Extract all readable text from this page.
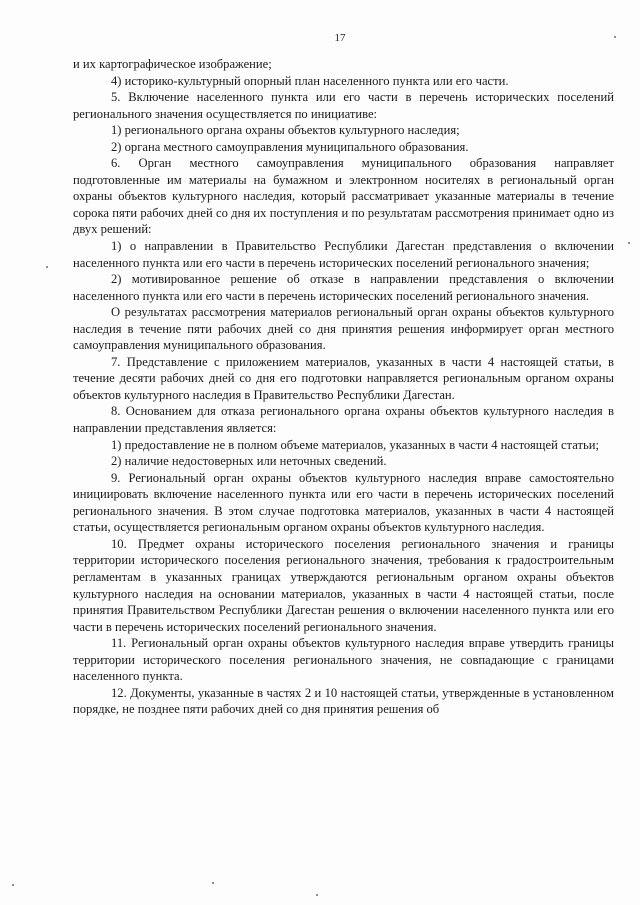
17

и их картографическое изображение;

4) историко-культурный опорный план населенного пункта или его части.

5. Включение населенного пункта или его части в перечень исторических поселений регионального значения осуществляется по инициативе:

1) регионального органа охраны объектов культурного наследия;

2) органа местного самоуправления муниципального образования.

6. Орган местного самоуправления муниципального образования направляет подготовленные им материалы на бумажном и электронном носителях в региональный орган охраны объектов культурного наследия, который рассматривает указанные материалы в течение сорока пяти рабочих дней со дня их поступления и по результатам рассмотрения принимает одно из двух решений:

1) о направлении в Правительство Республики Дагестан представления о включении населенного пункта или его части в перечень исторических поселений регионального значения;

2) мотивированное решение об отказе в направлении представления о включении населенного пункта или его части в перечень исторических поселений регионального значения.

О результатах рассмотрения материалов региональный орган охраны объектов культурного наследия в течение пяти рабочих дней со дня принятия решения информирует орган местного самоуправления муниципального образования.

7. Представление с приложением материалов, указанных в части 4 настоящей статьи, в течение десяти рабочих дней со дня его подготовки направляется региональным органом охраны объектов культурного наследия в Правительство Республики Дагестан.

8. Основанием для отказа регионального органа охраны объектов культурного наследия в направлении представления является:

1) предоставление не в полном объеме материалов, указанных в части 4 настоящей статьи;

2) наличие недостоверных или неточных сведений.

9. Региональный орган охраны объектов культурного наследия вправе самостоятельно инициировать включение населенного пункта или его части в перечень исторических поселений регионального значения. В этом случае подготовка материалов, указанных в части 4 настоящей статьи, осуществляется региональным органом охраны объектов культурного наследия.

10. Предмет охраны исторического поселения регионального значения и границы территории исторического поселения регионального значения, требования к градостроительным регламентам в указанных границах утверждаются региональным органом охраны объектов культурного наследия на основании материалов, указанных в части 4 настоящей статьи, после принятия Правительством Республики Дагестан решения о включении населенного пункта или его части в перечень исторических поселений регионального значения.

11. Региональный орган охраны объектов культурного наследия вправе утвердить границы территории исторического поселения регионального значения, не совпадающие с границами населенного пункта.

12. Документы, указанные в частях 2 и 10 настоящей статьи, утвержденные в установленном порядке, не позднее пяти рабочих дней со дня принятия решения об
